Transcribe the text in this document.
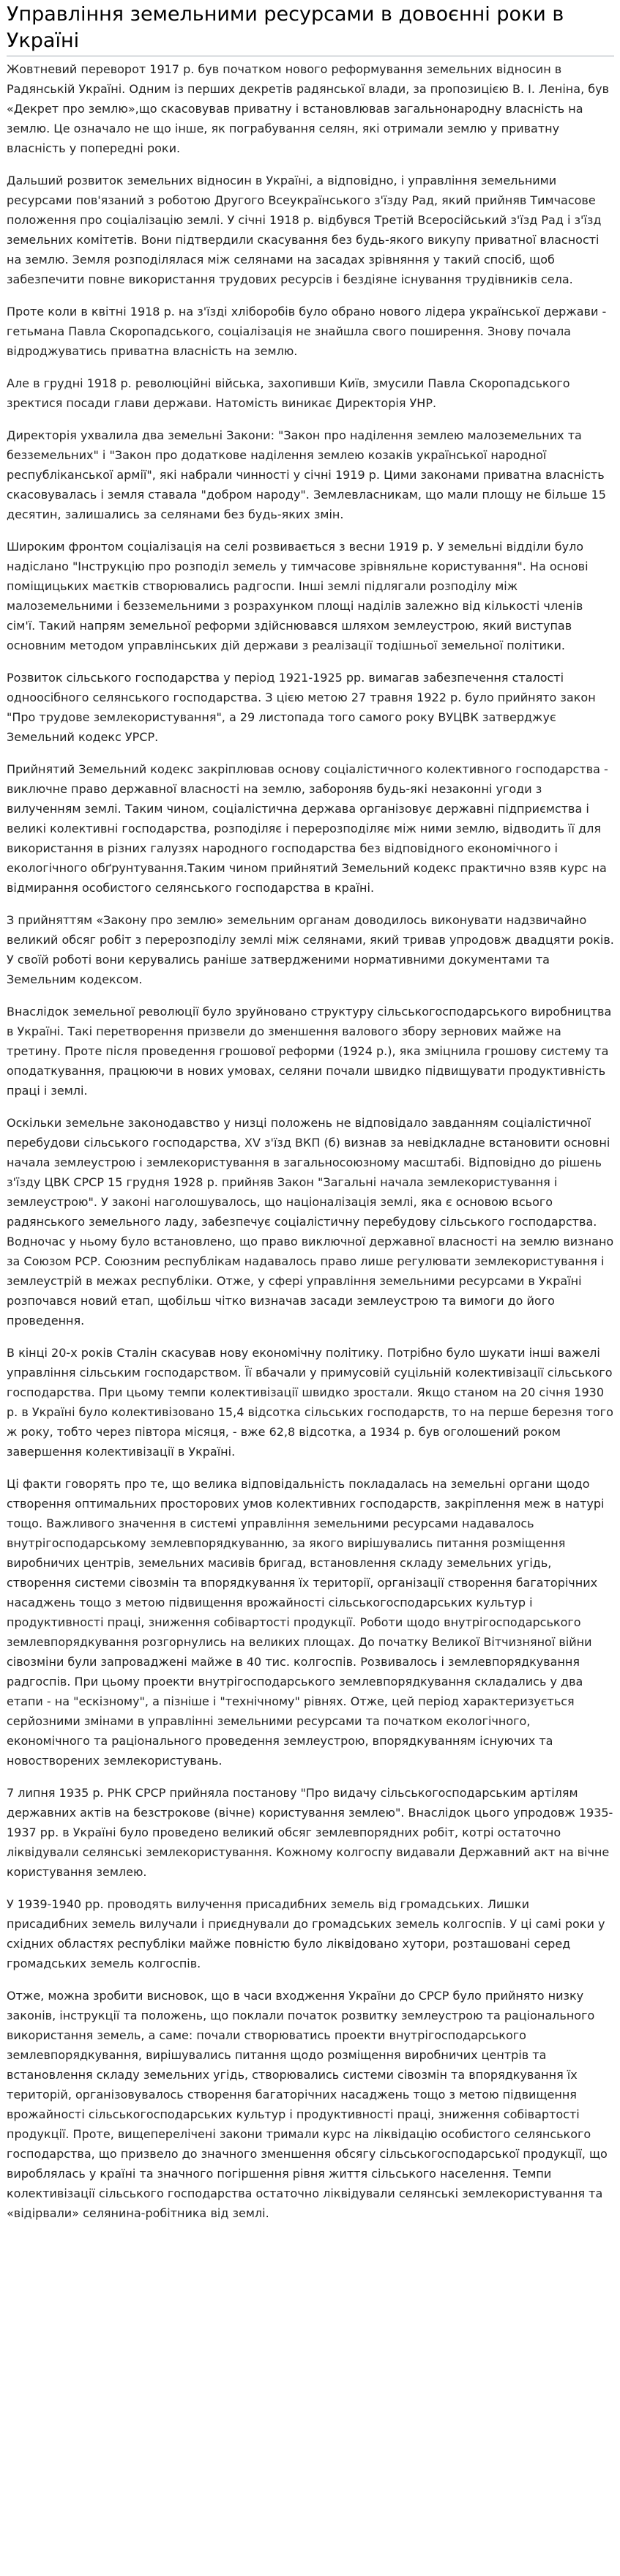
Управління земельними ресурсами в довоєнні роки в Україні

Жовтневий переворот 1917 р. був початком нового реформування земельних відносин в Радянській Україні. Одним із перших декретів радянської влади, за пропозицією В. І. Леніна, був «Декрет про землю»,що скасовував приватну і встановлював загальнонародну власність на землю. Це означало не що інше, як пограбування селян, які отримали землю у приватну власність у попередні роки.

Дальший розвиток земельних відносин в Україні, а відповідно, і управління земельними ресурсами пов'язаний з роботою Другого Всеукраїнського з'їзду Рад, який прийняв Тимчасове положення про соціалізацію землі. У січні 1918 р. відбувся Третій Всеросійський з'їзд Рад і з'їзд земельних комітетів. Вони підтвердили скасування без будь-якого викупу приватної власності на землю. Земля розподілялася між селянами на засадах зрівняння у такий спосіб, щоб забезпечити повне використання трудових ресурсів і бездіяне існування трудівників села.

Проте коли в квітні 1918 р. на з'їзді хліборобів було обрано нового лідера української держави - гетьмана Павла Скоропадського, соціалізація не знайшла свого поширення. Знову почала відроджуватись приватна власність на землю.

Але в грудні 1918 р. революційні війська, захопивши Київ, змусили Павла Скоропадського зректися посади глави держави. Натомість виникає Директорія УНР.

Директорія ухвалила два земельні Закони: "Закон про наділення землею малоземельних та безземельних" і "Закон про додаткове наділення землею козаків української народної республіканської армії", які набрали чинності у січні 1919 р. Цими законами приватна власність скасовувалась і земля ставала "добром народу". Землевласникам, що мали площу не більше 15 десятин, залишались за селянами без будь-яких змін.

Широким фронтом соціалізація на селі розвивається з весни 1919 р. У земельні відділи було надіслано "Інструкцію про розподіл земель у тимчасове зрівняльне користування". На основі поміщицьких маєтків створювались радгоспи. Інші землі підлягали розподілу між малоземельними і безземельними з розрахунком площі наділів залежно від кількості членів сім'ї. Такий напрям земельної реформи здійснювався шляхом землеустрою, який виступав основним методом управлінських дій держави з реалізації тодішньої земельної політики.

Розвиток сільського господарства у період 1921-1925 рр. вимагав забезпечення сталості одноосібного селянського господарства. З цією метою 27 травня 1922 р. було прийнято закон "Про трудове землекористування", а 29 листопада того самого року ВУЦВК затверджує Земельний кодекс УРСР.

Прийнятий Земельний кодекс закріплював основу соціалістичного колективного господарства - виключне право державної власності на землю, забороняв будь-які незаконні угоди з вилученням землі. Таким чином, соціалістична держава організовує державні підприємства і великі колективні господарства, розподіляє і перерозподіляє між ними землю, відводить її для використання в різних галузях народного господарства без відповідного економічного і екологічного обґрунтування.Таким чином прийнятий Земельний кодекс практично взяв курс на відмирання особистого селянського господарства в країні.

З прийняттям «Закону про землю» земельним органам доводилось виконувати надзвичайно великий обсяг робіт з перерозподілу землі між селянами, який тривав упродовж двадцяти років. У своїй роботі вони керувались раніше затвердженими нормативними документами та Земельним кодексом.

Внаслідок земельної революції було зруйновано структуру сільськогосподарського виробництва в Україні. Такі перетворення призвели до зменшення валового збору зернових майже на третину. Проте після проведення грошової реформи (1924 р.), яка зміцнила грошову систему та оподаткування, працюючи в нових умовах, селяни почали швидко підвищувати продуктивність праці і землі.

Оскільки земельне законодавство у низці положень не відповідало завданням соціалістичної перебудови сільського господарства, XV з'їзд ВКП (б) визнав за невідкладне встановити основні начала землеустрою і землекористування в загальносоюзному масштабі. Відповідно до рішень з'їзду ЦВК СРСР 15 грудня 1928 р. прийняв Закон "Загальні начала землекористування і землеустрою". У законі наголошувалось, що націоналізація землі, яка є основою всього радянського земельного ладу, забезпечує соціалістичну перебудову сільського господарства. Водночас у ньому було встановлено, що право виключної державної власності на землю визнано за Союзом РСР. Союзним республікам надавалось право лише регулювати землекористування і землеустрій в межах республіки. Отже, у сфері управління земельними ресурсами в Україні розпочався новий етап, щобільш чітко визначав засади землеустрою та вимоги до його проведення.

В кінці 20-х років Сталін скасував нову економічну політику. Потрібно було шукати інші важелі управління сільським господарством. Її вбачали у примусовій суцільній колективізації сільського господарства. При цьому темпи колективізації швидко зростали. Якщо станом на 20 січня 1930 р. в Україні було колективізовано 15,4 відсотка сільських господарств, то на перше березня того ж року, тобто через півтора місяця, - вже 62,8 відсотка, а 1934 р. був оголошений роком завершення колективізації в Україні.

Ці факти говорять про те, що велика відповідальність покладалась на земельні органи щодо створення оптимальних просторових умов колективних господарств, закріплення меж в натурі тощо. Важливого значення в системі управління земельними ресурсами надавалось внутрігосподарському землевпорядкуванню, за якого вирішувались питання розміщення виробничих центрів, земельних масивів бригад, встановлення складу земельних угідь, створення системи сівозмін та впорядкування їх території, організації створення багаторічних насаджень тощо з метою підвищення врожайності сільськогосподарських культур і продуктивності праці, зниження собівартості продукції. Роботи щодо внутрігосподарського землевпорядкування розгорнулись на великих площах. До початку Великої Вітчизняної війни сівозміни були запроваджені майже в 40 тис. колгоспів. Розвивалось і землевпорядкування радгоспів. При цьому проекти внутрігосподарського землевпорядкування складались у два етапи - на "ескізному", а пізніше і "технічному" рівнях. Отже, цей період характеризується серйозними змінами в управлінні земельними ресурсами та початком екологічного, економічного та раціонального проведення землеустрою, впорядкуванням існуючих та новостворених землекористувань.

7 липня 1935 р. РНК СРСР прийняла постанову "Про видачу сільськогосподарським артілям державних актів на безстрокове (вічне) користування землею". Внаслідок цього упродовж 1935-1937 рр. в Україні було проведено великий обсяг землевпорядних робіт, котрі остаточно ліквідували селянські землекористування. Кожному колгоспу видавали Державний акт на вічне користування землею.

У 1939-1940 рр. проводять вилучення присадибних земель від громадських. Лишки присадибних земель вилучали і приєднували до громадських земель колгоспів. У ці самі роки у східних областях республіки майже повністю було ліквідовано хутори, розташовані серед громадських земель колгоспів.

Отже, можна зробити висновок, що в часи входження України до СРСР було прийнято низку законів, інструкції та положень, що поклали початок розвитку землеустрою та раціонального використання земель, а саме: почали створюватись проекти внутрігосподарського землевпорядкування, вирішувались питання щодо розміщення виробничих центрів та встановлення складу земельних угідь, створювались системи сівозмін та впорядкування їх територій, організовувалось створення багаторічних насаджень тощо з метою підвищення врожайності сільськогосподарських культур і продуктивності праці, зниження собівартості продукції. Проте, вищеперелічені закони тримали курс на ліквідацію особистого селянського господарства, що призвело до значного зменшення обсягу сільськогосподарської продукції, що вироблялась у країні та значного погіршення рівня життя сільського населення. Темпи колективізації сільського господарства остаточно ліквідували селянські землекористування та «відірвали» селянина-робітника від землі.
